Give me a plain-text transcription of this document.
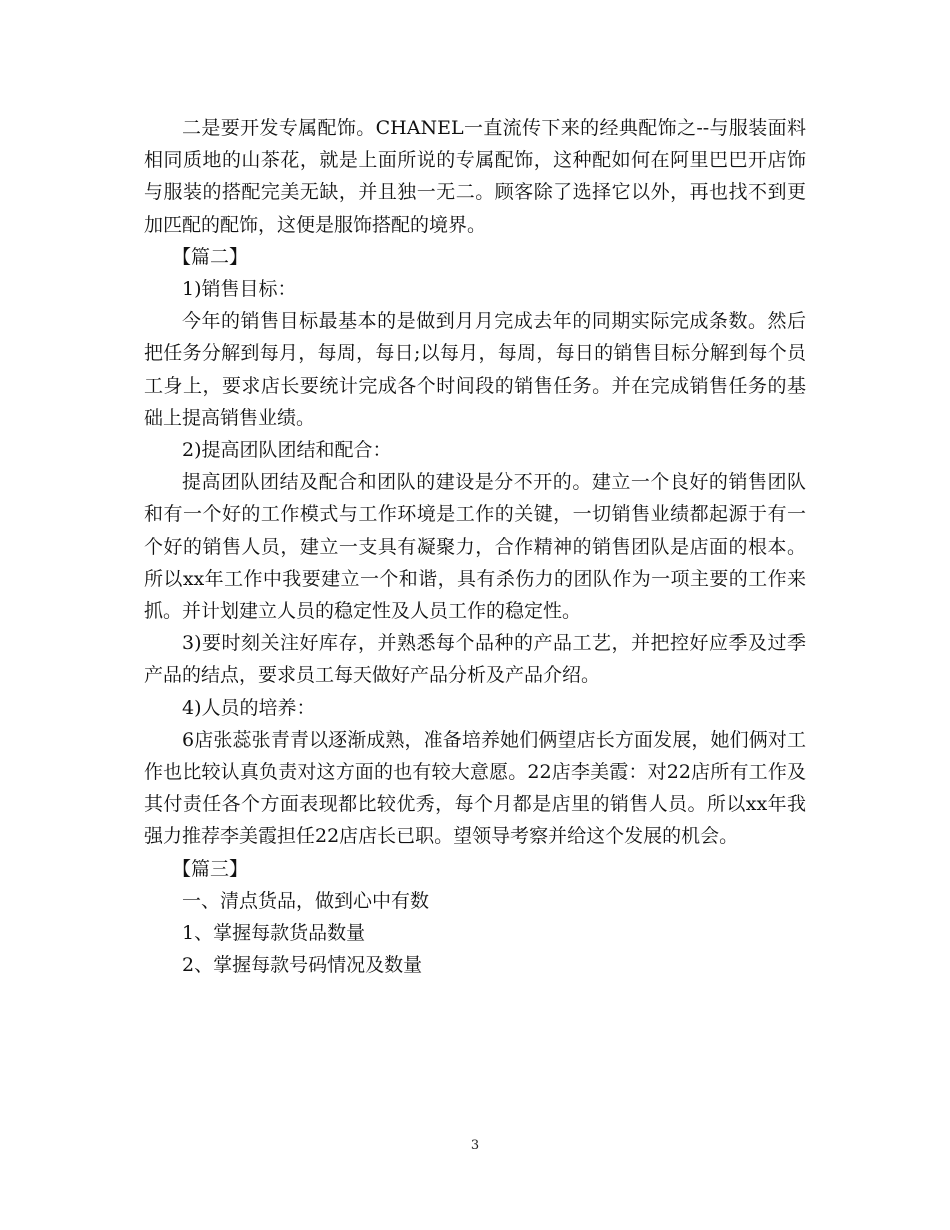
二是要开发专属配饰。CHANEL一直流传下来的经典配饰之--与服装面料相同质地的山茶花，就是上面所说的专属配饰，这种配如何在阿里巴巴开店饰与服装的搭配完美无缺，并且独一无二。顾客除了选择它以外，再也找不到更加匹配的配饰，这便是服饰搭配的境界。

【篇二】

1)销售目标：

今年的销售目标最基本的是做到月月完成去年的同期实际完成条数。然后把任务分解到每月，每周，每日;以每月，每周，每日的销售目标分解到每个员工身上，要求店长要统计完成各个时间段的销售任务。并在完成销售任务的基础上提高销售业绩。

2)提高团队团结和配合：

提高团队团结及配合和团队的建设是分不开的。建立一个良好的销售团队和有一个好的工作模式与工作环境是工作的关键，一切销售业绩都起源于有一个好的销售人员，建立一支具有凝聚力，合作精神的销售团队是店面的根本。所以xx年工作中我要建立一个和谐，具有杀伤力的团队作为一项主要的工作来抓。并计划建立人员的稳定性及人员工作的稳定性。

3)要时刻关注好库存，并熟悉每个品种的产品工艺，并把控好应季及过季产品的结点，要求员工每天做好产品分析及产品介绍。

4)人员的培养：

6店张蕊张青青以逐渐成熟，准备培养她们俩望店长方面发展，她们俩对工作也比较认真负责对这方面的也有较大意愿。22店李美霞：对22店所有工作及其付责任各个方面表现都比较优秀，每个月都是店里的销售人员。所以xx年我强力推荐李美霞担任22店店长已职。望领导考察并给这个发展的机会。

【篇三】

一、清点货品，做到心中有数

1、掌握每款货品数量

2、掌握每款号码情况及数量

3
